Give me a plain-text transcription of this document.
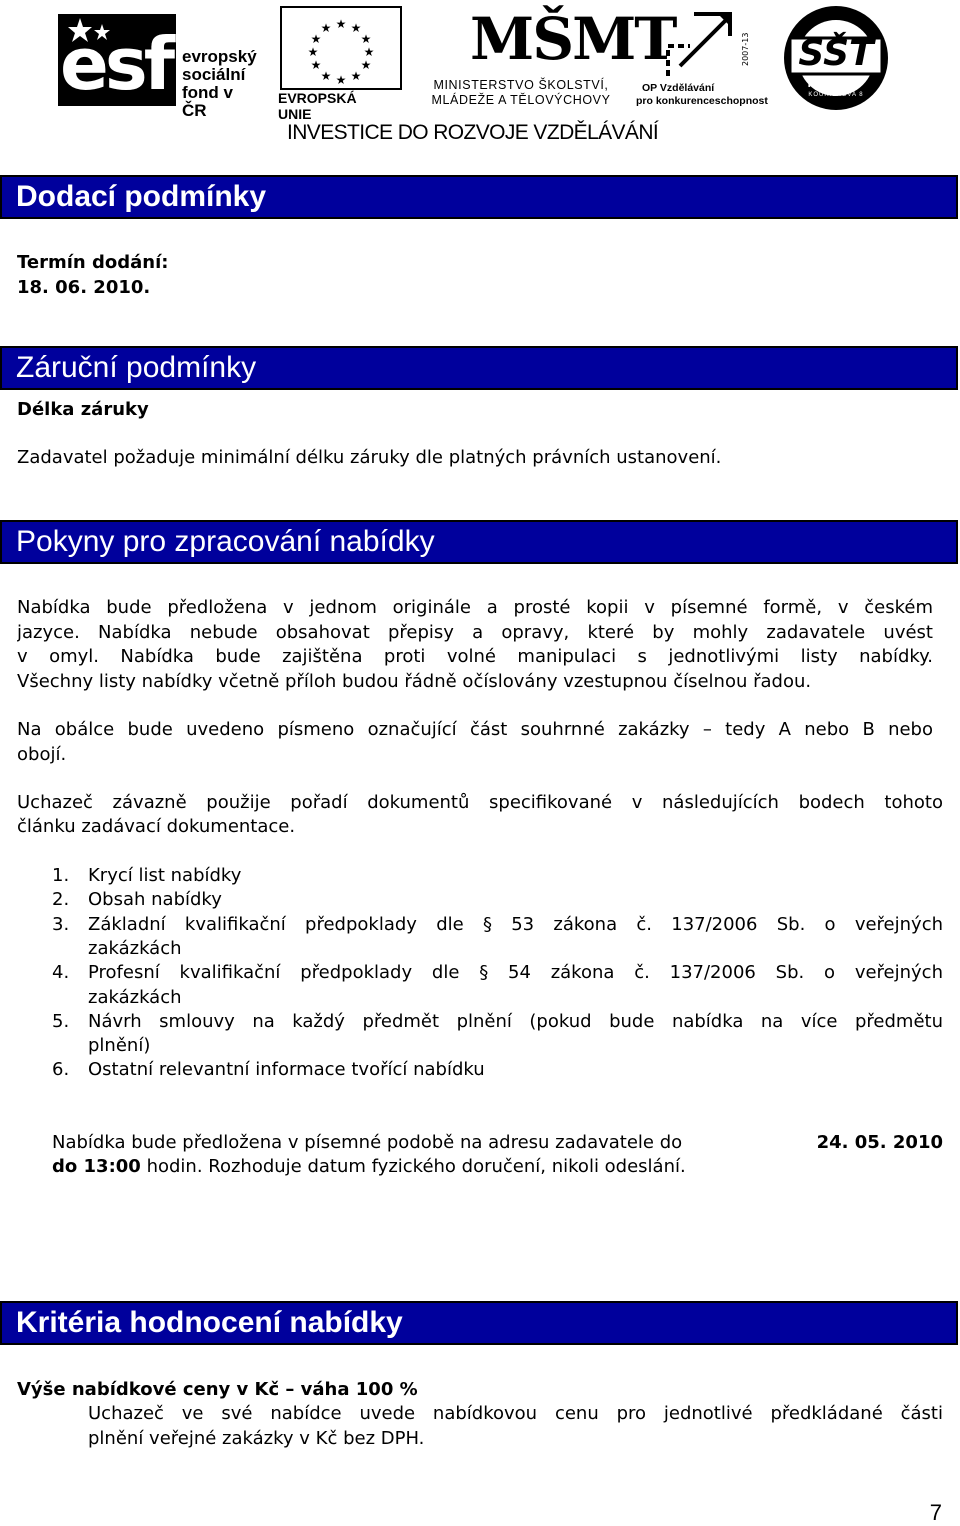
esf evropský
sociální
fond v ČR
★ ★
★
★
★
★
★
★
★
★
★
★
EVROPSKÁ UNIE
MŠMT
MINISTERSTVO ŠKOLSTVÍ,
MLÁDEŽE A TĚLOVÝCHOVY
2007-13
OP Vzdělávání
pro konkurenceschopnost
SŠT
PŘEROV
KOUŘILKOVA 8
INVESTICE DO ROZVOJE VZDĚLÁVÁNÍ
Dodací podmínky
Termín dodání:
18. 06. 2010.
Záruční podmínky
Délka záruky
Zadavatel požaduje minimální délku záruky dle platných právních ustanovení.
Pokyny pro zpracování nabídky
Nabídka bude předložena v jednom originále a prosté kopii v písemné formě, v českém
jazyce. Nabídka nebude obsahovat přepisy a opravy, které by mohly zadavatele uvést
v omyl. Nabídka bude zajištěna proti volné manipulaci s jednotlivými listy nabídky.
Všechny listy nabídky včetně příloh budou řádně očíslovány vzestupnou číselnou řadou.
Na obálce bude uvedeno písmeno označující část souhrnné zakázky – tedy A nebo B nebo
obojí.
Uchazeč závazně použije pořadí dokumentů specifikované v následujících bodech tohoto
článku zadávací dokumentace.
1. Krycí list nabídky
2. Obsah nabídky
3. Základní kvalifikační předpoklady dle § 53 zákona č. 137/2006 Sb. o veřejných
zakázkách
4. Profesní kvalifikační předpoklady dle § 54 zákona č. 137/2006 Sb. o veřejných
zakázkách
5. Návrh smlouvy na každý předmět plnění (pokud bude nabídka na více předmětu
plnění)
6. Ostatní relevantní informace tvořící nabídku
Nabídka bude předložena v písemné podobě na adresu zadavatele do	24. 05. 2010
do 13:00 hodin. Rozhoduje datum fyzického doručení, nikoli odeslání.
Kritéria hodnocení nabídky
Výše nabídkové ceny v Kč – váha 100 %
Uchazeč ve své nabídce uvede nabídkovou cenu pro jednotlivé předkládané části
plnění veřejné zakázky v Kč bez DPH.
7
